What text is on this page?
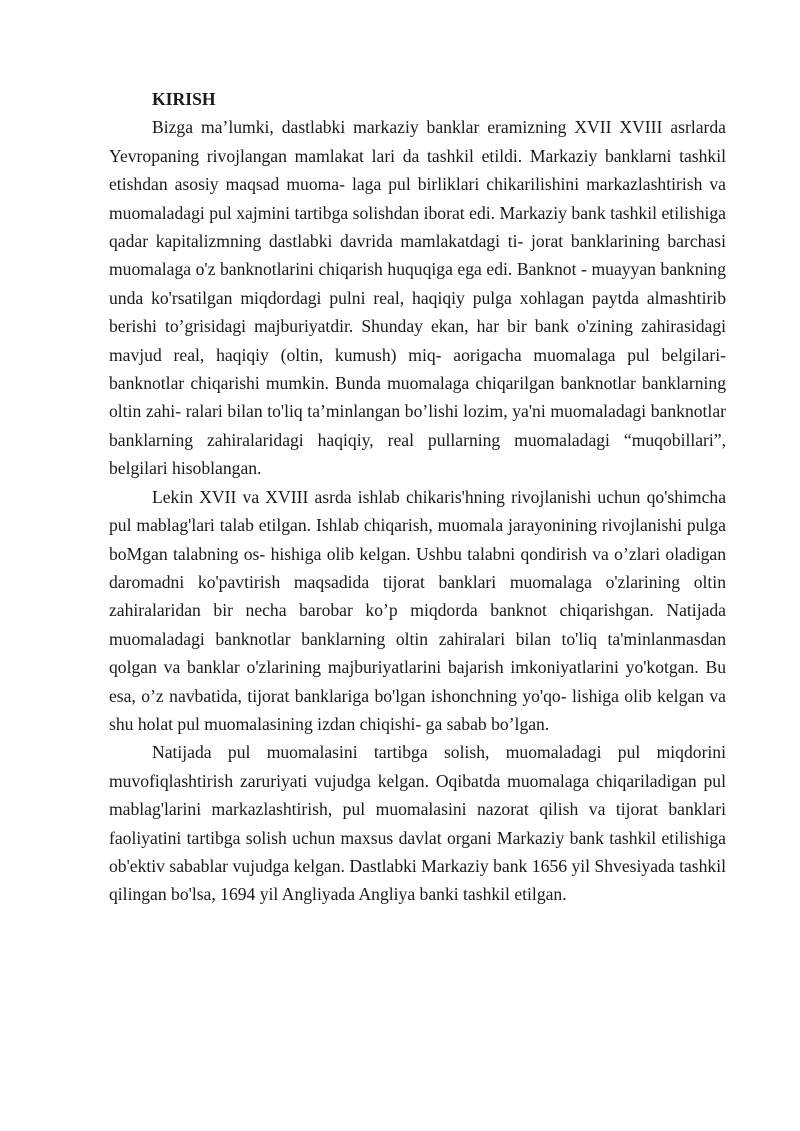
KIRISH

Bizga ma’lumki, dastlabki markaziy banklar eramizning XVII XVIII asrlarda Yevropaning rivojlangan mamlakat lari da tashkil etildi. Markaziy banklarni tashkil etishdan asosiy maqsad muoma- laga pul birliklari chikarilishini markazlashtirish va muomaladagi pul xajmini tartibga solishdan iborat edi. Markaziy bank tashkil etilishiga qadar kapitalizmning dastlabki davrida mamlakatdagi ti- jorat banklarining barchasi muomalaga o'z banknotlarini chiqarish huquqiga ega edi. Banknot - muayyan bankning unda ko'rsatilgan miqdordagi pulni real, haqiqiy pulga xohlagan paytda almashtirib berishi to’grisidagi majburiyatdir. Shunday ekan, har bir bank o'zining zahirasidagi mavjud real, haqiqiy (oltin, kumush) miq- aorigacha muomalaga pul belgilari- banknotlar chiqarishi mumkin. Bunda muomalaga chiqarilgan banknotlar banklarning oltin zahi- ralari bilan to'liq ta’minlangan bo’lishi lozim, ya'ni muomaladagi banknotlar banklarning zahiralaridagi haqiqiy, real pullarning muomaladagi “muqobillari”, belgilari hisoblangan.

Lekin XVII va XVIII asrda ishlab chikaris'hning rivojlanishi uchun qo'shimcha pul mablag'lari talab etilgan. Ishlab chiqarish, muomala jarayonining rivojlanishi pulga boMgan talabning os- hishiga olib kelgan. Ushbu talabni qondirish va o’zlari oladigan daromadni ko'pavtirish maqsadida tijorat banklari muomalaga o'zlarining oltin zahiralaridan bir necha barobar ko’p miqdorda banknot chiqarishgan. Natijada muomaladagi banknotlar banklarning oltin zahiralari bilan to'liq ta'minlanmasdan qolgan va banklar o'zlarining majburiyatlarini bajarish imkoniyatlarini yo'kotgan. Bu esa, o’z navbatida, tijorat banklariga bo'lgan ishonchning yo'qo- lishiga olib kelgan va shu holat pul muomalasining izdan chiqishi- ga sabab bo’lgan.

Natijada pul muomalasini tartibga solish, muomaladagi pul miqdorini muvofiqlashtirish zaruriyati vujudga kelgan. Oqibatda muomalaga chiqariladigan pul mablag'larini markazlashtirish, pul muomalasini nazorat qilish va tijorat banklari faoliyatini tartibga solish uchun maxsus davlat organi Markaziy bank tashkil etilishiga ob'ektiv sabablar vujudga kelgan. Dastlabki Markaziy bank 1656 yil Shvesiyada tashkil qilingan bo'lsa, 1694 yil Angliyada Angliya banki tashkil etilgan.
